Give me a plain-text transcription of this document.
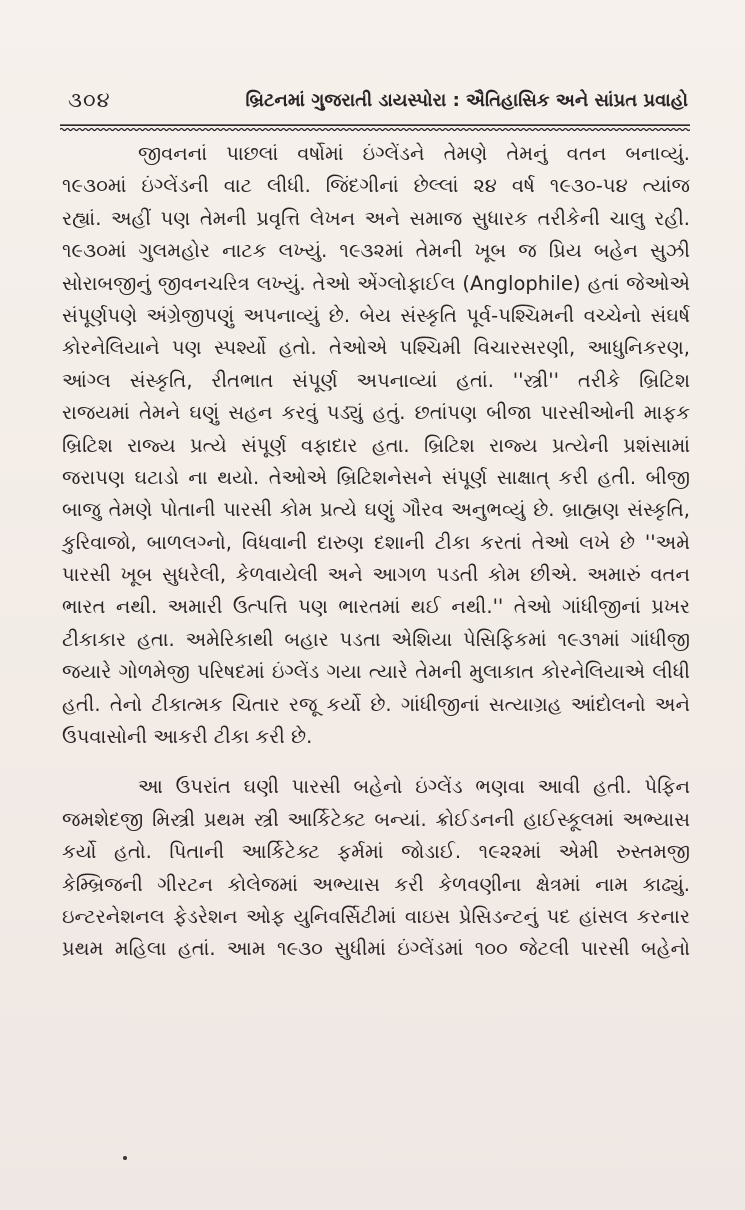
૩૦૪	બ્રિટનમાં ગુજરાતી ડાયસ્પોરા : ઐતિહાસિક અને સાંપ્રત પ્રવાહો
જીવનનાં પાછલાં વર્ષોમાં ઇંગ્લેંડને તેમણે તેમનું વતન બનાવ્યું.
૧૯૩૦માં ઇંગ્લેંડની વાટ લીધી. જિંદગીનાં છેલ્લાં ૨૪ વર્ષ ૧૯૩૦-૫૪ ત્યાંજ
રહ્યાં. અહીં પણ તેમની પ્રવૃત્તિ લેખન અને સમાજ સુધારક તરીકેની ચાલુ રહી.
૧૯૩૦માં ગુલમહોર નાટક લખ્યું. ૧૯૩૨માં તેમની ખૂબ જ પ્રિય બહેન સુઝી
સોરાબજીનું જીવનચરિત્ર લખ્યું. તેઓ એંગ્લોફાઈલ (Anglophile) હતાં જેઓએ
સંપૂર્ણપણે અંગ્રેજીપણું અપનાવ્યું છે. બેય સંસ્કૃતિ પૂર્વ-પશ્ચિમની વચ્ચેનો સંઘર્ષ
કોરનેલિયાને પણ સ્પર્શ્યો હતો. તેઓએ પશ્ચિમી વિચારસરણી, આધુનિકરણ,
આંગ્લ સંસ્કૃતિ, રીતભાત સંપૂર્ણ અપનાવ્યાં હતાં. ''સ્ત્રી'' તરીકે બ્રિટિશ
રાજયમાં તેમને ઘણું સહન કરવું પડ્યું હતું. છતાંપણ બીજા પારસીઓની માફક
બ્રિટિશ રાજ્ય પ્રત્યે સંપૂર્ણ વફાદાર હતા. બ્રિટિશ રાજ્ય પ્રત્યેની પ્રશંસામાં
જરાપણ ઘટાડો ના થયો. તેઓએ બ્રિટિશનેસને સંપૂર્ણ સાક્ષાત્ કરી હતી. બીજી
બાજુ તેમણે પોતાની પારસી કોમ પ્રત્યે ઘણું ગૌરવ અનુભવ્યું છે. બ્રાહ્મણ સંસ્કૃતિ,
કુરિવાજો, બાળલગ્નો, વિધવાની દારુણ દશાની ટીકા કરતાં તેઓ લખે છે ''અમે
પારસી ખૂબ સુધરેલી, કેળવાયેલી અને આગળ પડતી કોમ છીએ. અમારું વતન
ભારત નથી. અમારી ઉત્પત્તિ પણ ભારતમાં થઈ નથી.'' તેઓ ગાંધીજીનાં પ્રખર
ટીકાકાર હતા. અમેરિકાથી બહાર પડતા એશિયા પેસિફિકમાં ૧૯૩૧માં ગાંધીજી
જયારે ગોળમેજી પરિષદમાં ઇંગ્લેંડ ગયા ત્યારે તેમની મુલાકાત કોરનેલિયાએ લીધી
હતી. તેનો ટીકાત્મક ચિતાર રજૂ કર્યો છે. ગાંધીજીનાં સત્યાગ્રહ આંદોલનો અને
ઉપવાસોની આકરી ટીકા કરી છે.
આ ઉપરાંત ઘણી પારસી બહેનો ઇંગ્લેંડ ભણવા આવી હતી. પેફિન
જમશેદજી મિસ્ત્રી પ્રથમ સ્ત્રી આર્કિટેક્ટ બન્યાં. ક્રોઈડનની હાઈસ્કૂલમાં અભ્યાસ
કર્યો હતો. પિતાની આર્કિટેક્ટ ફર્મમાં જોડાઈ. ૧૯૨૨માં એમી રુસ્તમજી
કેમ્બ્રિજની ગીરટન કોલેજમાં અભ્યાસ કરી કેળવણીના ક્ષેત્રમાં નામ કાઢ્યું.
ઇન્ટરનેશનલ ફેડરેશન ઓફ યુનિવર્સિટીમાં વાઇસ પ્રેસિડન્ટનું પદ હાંસલ કરનાર
પ્રથમ મહિલા હતાં. આમ ૧૯૩૦ સુધીમાં ઇંગ્લેંડમાં ૧૦૦ જેટલી પારસી બહેનો
